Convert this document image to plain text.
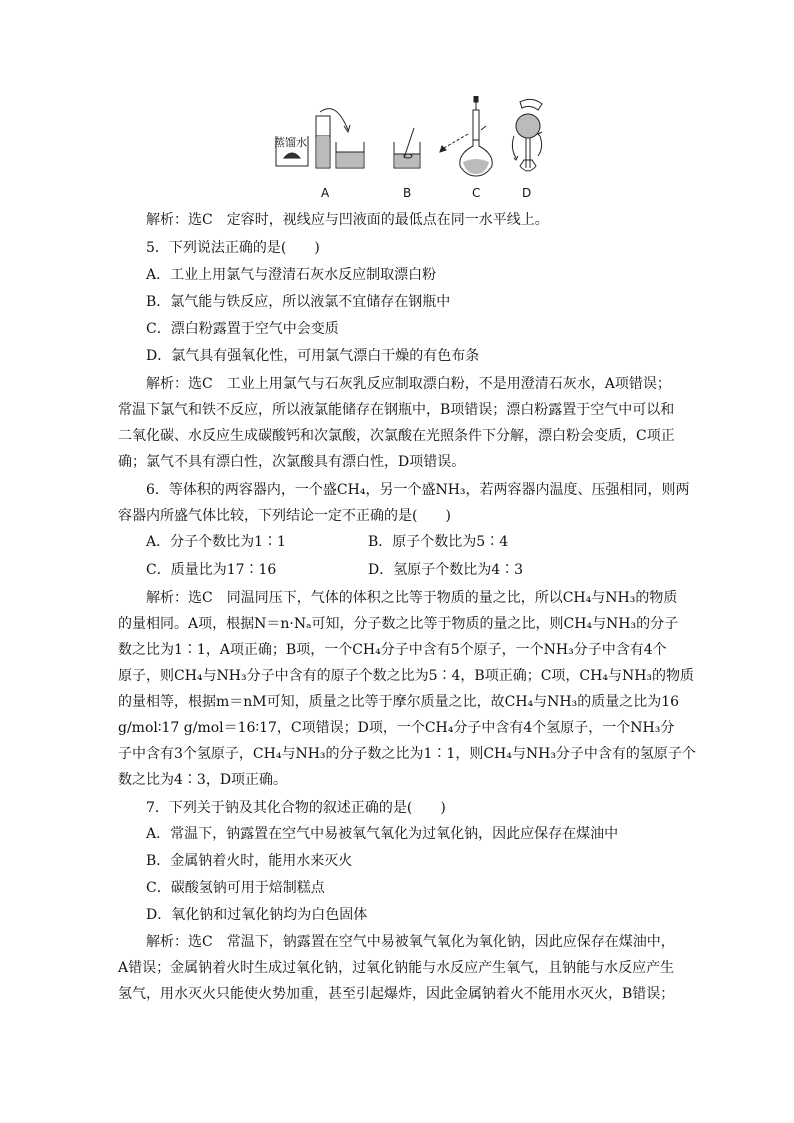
蒸馏水
A	B	C	D
解析：选C　定容时，视线应与凹液面的最低点在同一水平线上。
5．下列说法正确的是(　　)
A．工业上用氯气与澄清石灰水反应制取漂白粉
B．氯气能与铁反应，所以液氯不宜储存在钢瓶中
C．漂白粉露置于空气中会变质
D．氯气具有强氧化性，可用氯气漂白干燥的有色布条
解析：选C　工业上用氯气与石灰乳反应制取漂白粉，不是用澄清石灰水，A项错误；
常温下氯气和铁不反应，所以液氯能储存在钢瓶中，B项错误；漂白粉露置于空气中可以和
二氧化碳、水反应生成碳酸钙和次氯酸，次氯酸在光照条件下分解，漂白粉会变质，C项正
确；氯气不具有漂白性，次氯酸具有漂白性，D项错误。
6．等体积的两容器内，一个盛CH₄，另一个盛NH₃，若两容器内温度、压强相同，则两
容器内所盛气体比较，下列结论一定不正确的是(　　)
A．分子个数比为1∶1	B．原子个数比为5∶4
C．质量比为17∶16	D．氢原子个数比为4∶3
解析：选C　同温同压下，气体的体积之比等于物质的量之比，所以CH₄与NH₃的物质
的量相同。A项，根据N＝n·Nₐ可知，分子数之比等于物质的量之比，则CH₄与NH₃的分子
数之比为1∶1，A项正确；B项，一个CH₄分子中含有5个原子，一个NH₃分子中含有4个
原子，则CH₄与NH₃分子中含有的原子个数之比为5∶4，B项正确；C项，CH₄与NH₃的物质
的量相等，根据m＝nM可知，质量之比等于摩尔质量之比，故CH₄与NH₃的质量之比为16
g/mol∶17 g/mol＝16∶17，C项错误；D项，一个CH₄分子中含有4个氢原子，一个NH₃分
子中含有3个氢原子，CH₄与NH₃的分子数之比为1∶1，则CH₄与NH₃分子中含有的氢原子个
数之比为4∶3，D项正确。
7．下列关于钠及其化合物的叙述正确的是(　　)
A．常温下，钠露置在空气中易被氧气氧化为过氧化钠，因此应保存在煤油中
B．金属钠着火时，能用水来灭火
C．碳酸氢钠可用于焙制糕点
D．氧化钠和过氧化钠均为白色固体
解析：选C　常温下，钠露置在空气中易被氧气氧化为氧化钠，因此应保存在煤油中，
A错误；金属钠着火时生成过氧化钠，过氧化钠能与水反应产生氧气，且钠能与水反应产生
氢气，用水灭火只能使火势加重，甚至引起爆炸，因此金属钠着火不能用水灭火，B错误；
